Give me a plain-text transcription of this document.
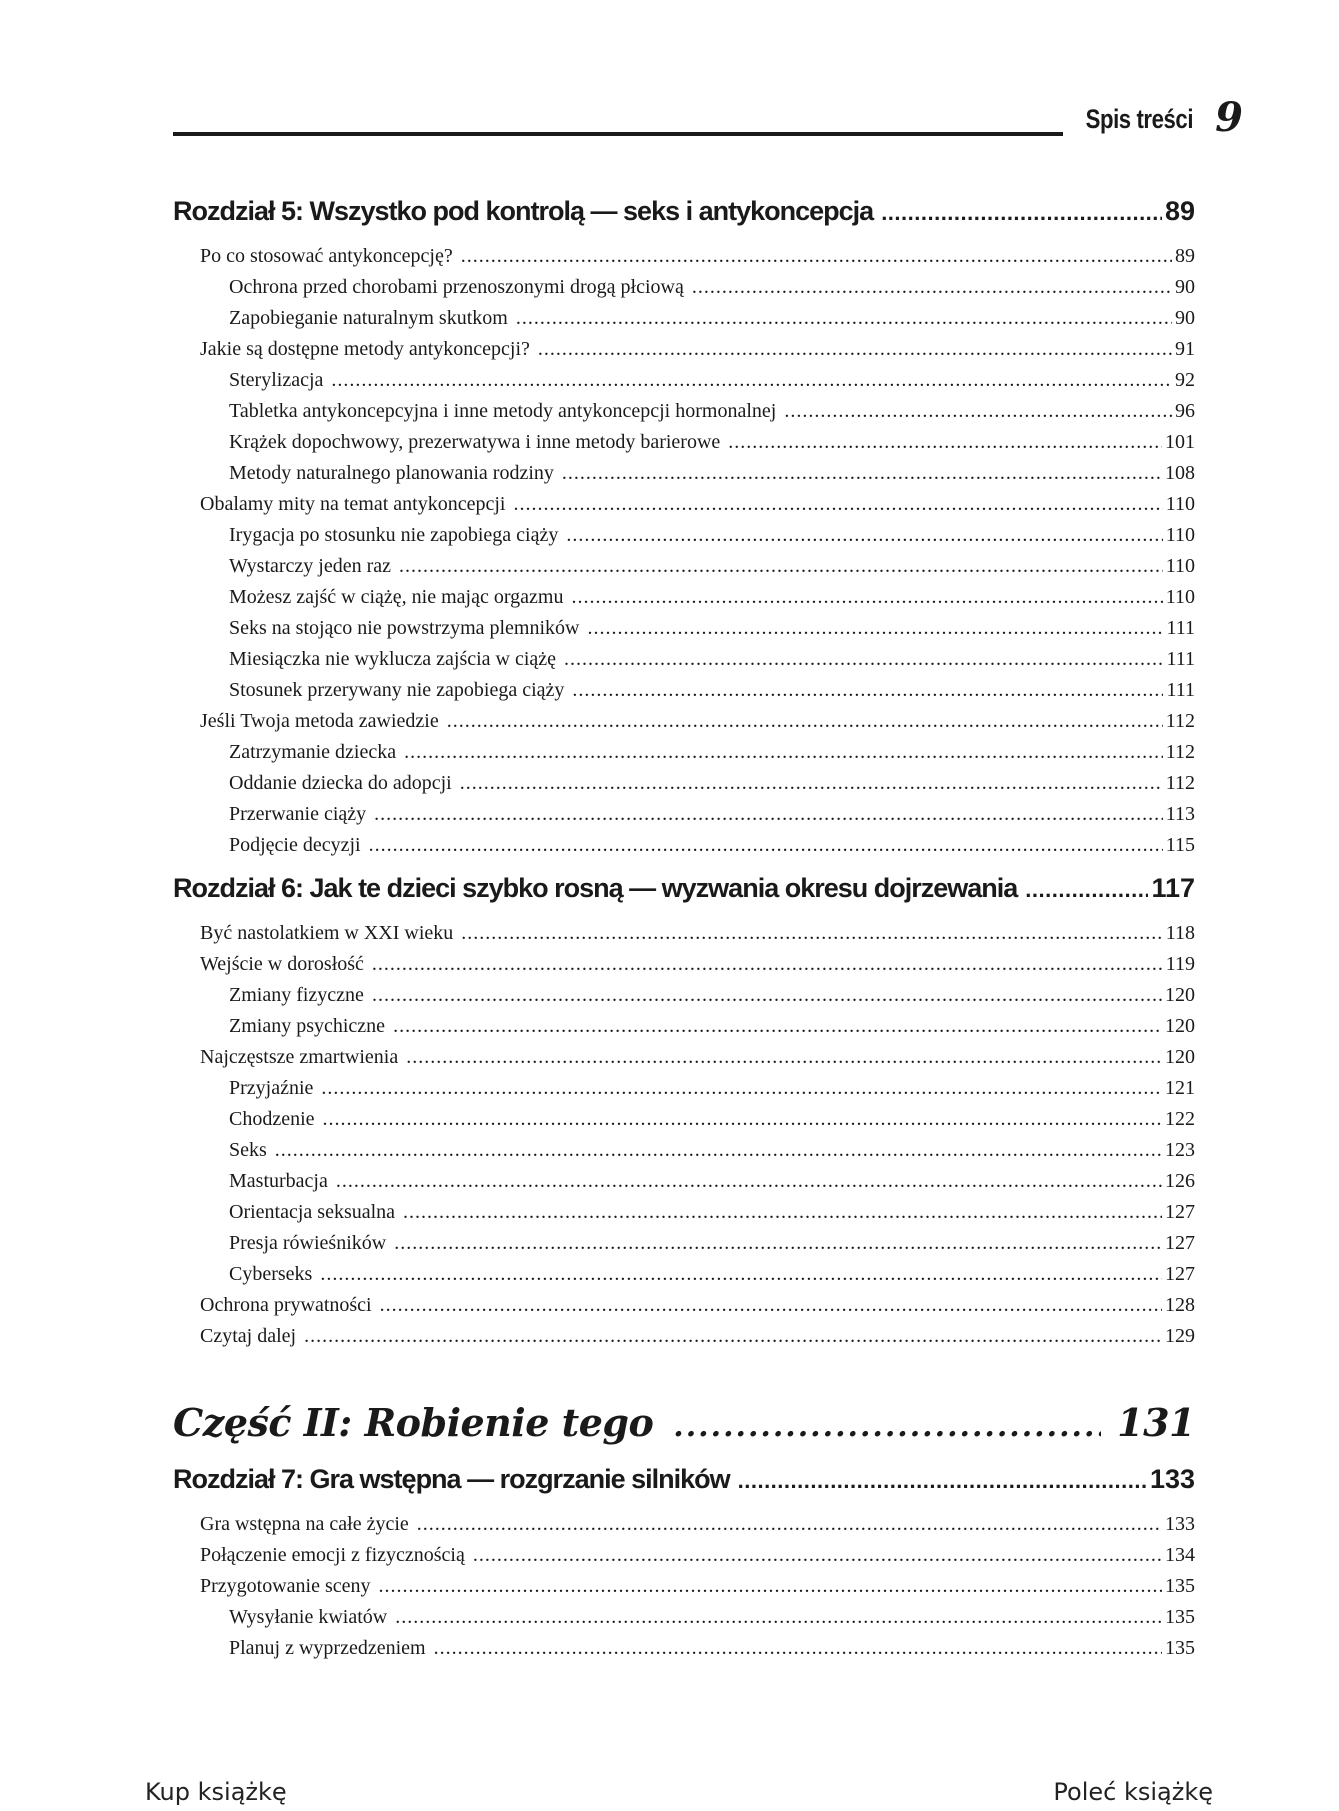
Spis treści 9
Rozdział 5: Wszystko pod kontrolą — seks i antykoncepcja .....	89
Po co stosować antykoncepcję? .....	89
Ochrona przed chorobami przenoszonymi drogą płciową .....	90
Zapobieganie naturalnym skutkom .....	90
Jakie są dostępne metody antykoncepcji? .....	91
Sterylizacja .....	92
Tabletka antykoncepcyjna i inne metody antykoncepcji hormonalnej .....	96
Krążek dopochwowy, prezerwatywa i inne metody barierowe .....	101
Metody naturalnego planowania rodziny .....	108
Obalamy mity na temat antykoncepcji .....	110
Irygacja po stosunku nie zapobiega ciąży .....	110
Wystarczy jeden raz .....	110
Możesz zajść w ciążę, nie mając orgazmu .....	110
Seks na stojąco nie powstrzyma plemników .....	111
Miesiączka nie wyklucza zajścia w ciążę .....	111
Stosunek przerywany nie zapobiega ciąży .....	111
Jeśli Twoja metoda zawiedzie .....	112
Zatrzymanie dziecka .....	112
Oddanie dziecka do adopcji .....	112
Przerwanie ciąży .....	113
Podjęcie decyzji .....	115
Rozdział 6: Jak te dzieci szybko rosną — wyzwania okresu dojrzewania .....	117
Być nastolatkiem w XXI wieku .....	118
Wejście w dorosłość .....	119
Zmiany fizyczne .....	120
Zmiany psychiczne .....	120
Najczęstsze zmartwienia .....	120
Przyjaźnie .....	121
Chodzenie .....	122
Seks .....	123
Masturbacja .....	126
Orientacja seksualna .....	127
Presja rówieśników .....	127
Cyberseks .....	127
Ochrona prywatności .....	128
Czytaj dalej .....	129
Część II: Robienie tego .....	131
Rozdział 7: Gra wstępna — rozgrzanie silników .....	133
Gra wstępna na całe życie .....	133
Połączenie emocji z fizycznością .....	134
Przygotowanie sceny .....	135
Wysyłanie kwiatów .....	135
Planuj z wyprzedzeniem .....	135
Kup książkę	Poleć książkę
